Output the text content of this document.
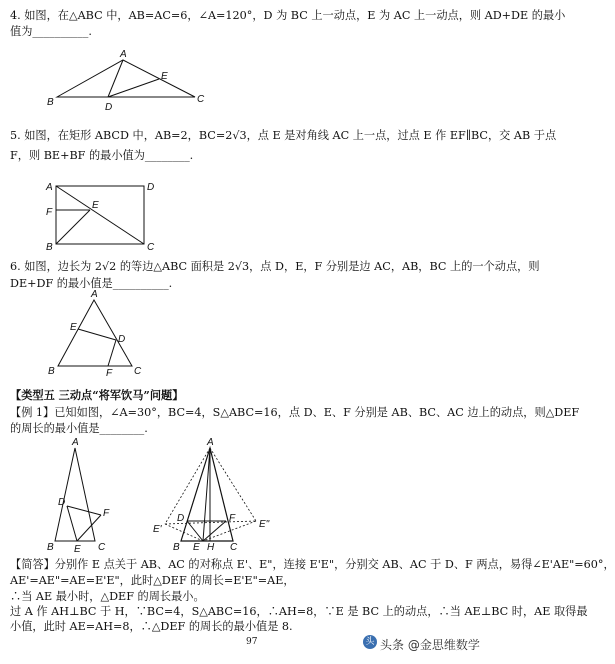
4. 如图，在△ABC 中，AB=AC=6，∠A=120°，D 为 BC 上一动点，E 为 AC 上一动点，则 AD+DE 的最小
值为__________.
5. 如图，在矩形 ABCD 中，AB=2，BC=2√3，点 E 是对角线 AC 上一点，过点 E 作 EF∥BC，交 AB 于点
F，则 BE+BF 的最小值为________.
6. 如图，边长为 2√2 的等边△ABC 面积是 2√3，点 D，E，F 分别是边 AC，AB，BC 上的一个动点，则
DE+DF 的最小值是__________.
【类型五 三动点“将军饮马”问题】
【例 1】已知如图，∠A=30°，BC=4，S△ABC=16，点 D、E、F 分别是 AB、BC、AC 边上的动点，则△DEF
的周长的最小值是________.
【简答】分别作 E 点关于 AB、AC 的对称点 E'、E"，连接 E'E"，分别交 AB、AC 于 D、F 两点，易得∠E'AE"=60°，
AE'=AE"=AE=E'E"，此时△DEF 的周长=E'E"=AE，
∴当 AE 最小时，△DEF 的周长最小。
过 A 作 AH⊥BC 于 H，∵BC=4，S△ABC=16，∴AH=8，∵E 是 BC 上的动点，∴当 AE⊥BC 时，AE 取得最
小值，此时 AE=AH=8，∴△DEF 的周长的最小值是 8.
A
B	C
D
E
A
B	C
D
E
F
A
B	C
D
E
F
A
B	C
D
E
F
A
B	C
D
E
F
H
E'	E"
97	头 头条 @金思维数学
